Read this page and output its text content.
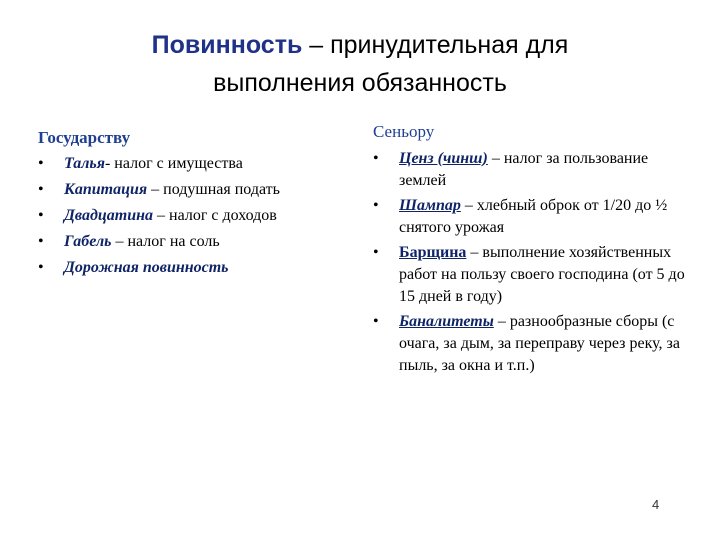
Повинность – принудительная для
выполнения обязанность
Государству
• Талья- налог с имущества
• Капитация – подушная подать
• Двадцатина – налог с доходов
• Габель – налог на соль
• Дорожная повинность
Сеньору
• Ценз (чинш) – налог за пользование землей
• Шампар – хлебный оброк от 1/20 до ½ снятого урожая
• Барщина – выполнение хозяйственных работ на пользу своего господина (от 5 до 15 дней в году)
• Баналитеты – разнообразные сборы (с очага, за дым, за переправу через реку, за пыль, за окна и т.п.)
4
